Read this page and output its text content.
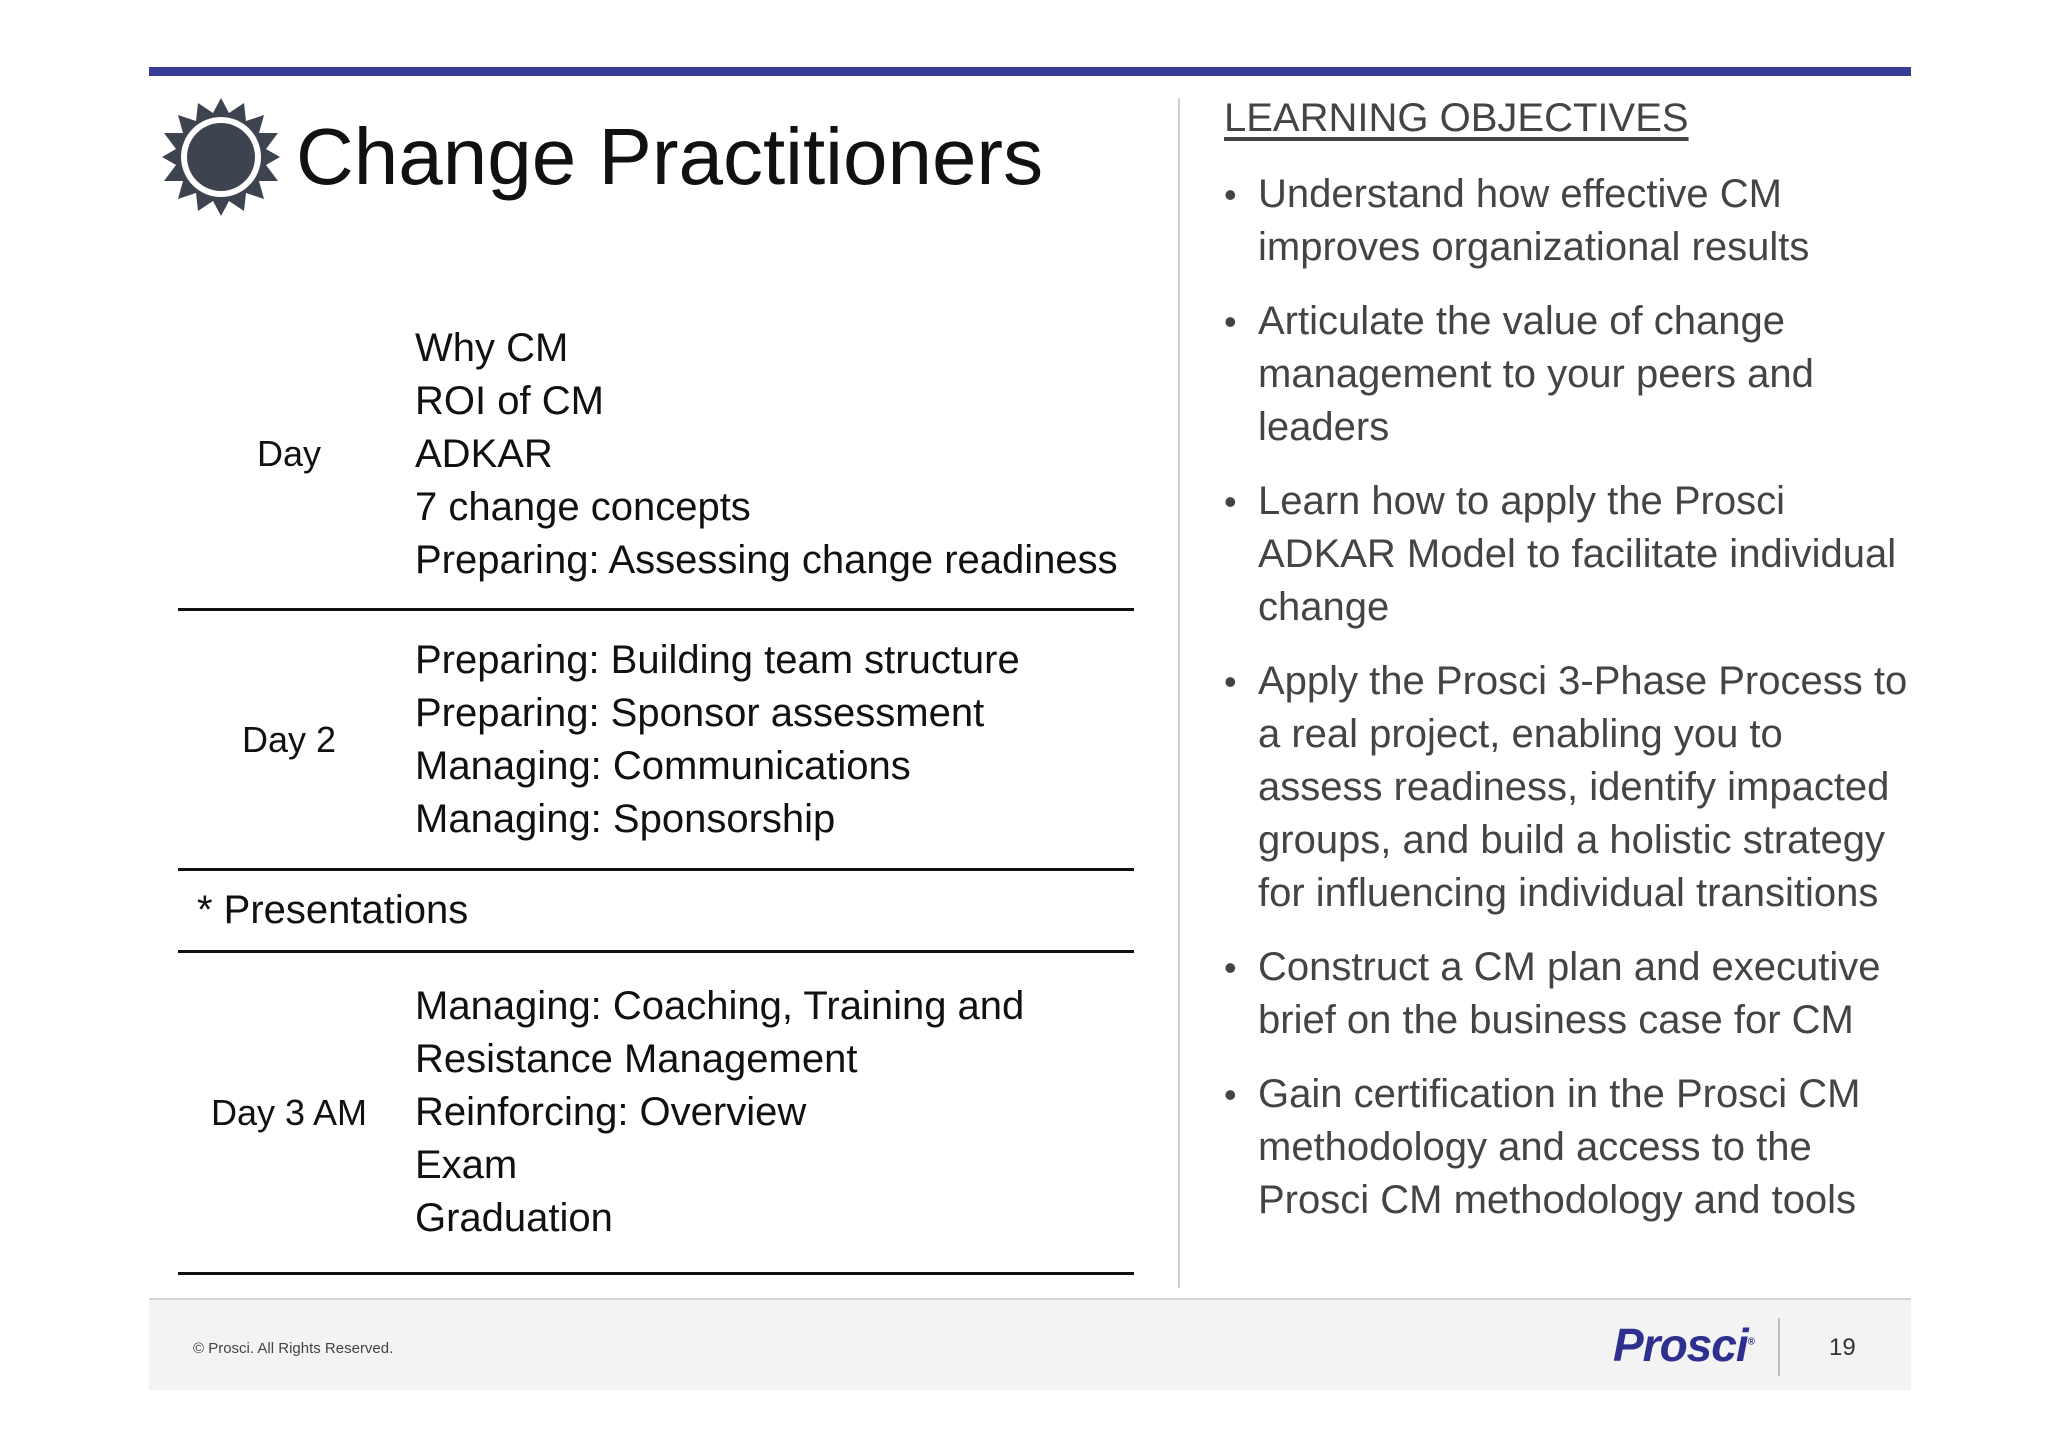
Change Practitioners
Day
Why CM
ROI of CM
ADKAR
7 change concepts
Preparing: Assessing change readiness
Day 2
Preparing: Building team structure
Preparing: Sponsor assessment
Managing: Communications
Managing: Sponsorship
* Presentations
Day 3 AM
Managing: Coaching, Training and
Resistance Management
Reinforcing: Overview
Exam
Graduation
LEARNING OBJECTIVES
• Understand how effective CM improves organizational results
• Articulate the value of change management to your peers and leaders
• Learn how to apply the Prosci ADKAR Model to facilitate individual change
• Apply the Prosci 3-Phase Process to a real project, enabling you to assess readiness, identify impacted groups, and build a holistic strategy for influencing individual transitions
• Construct a CM plan and executive brief on the business case for CM
• Gain certification in the Prosci CM methodology and access to the Prosci CM methodology and tools
© Prosci. All Rights Reserved.	Prosci®	19
